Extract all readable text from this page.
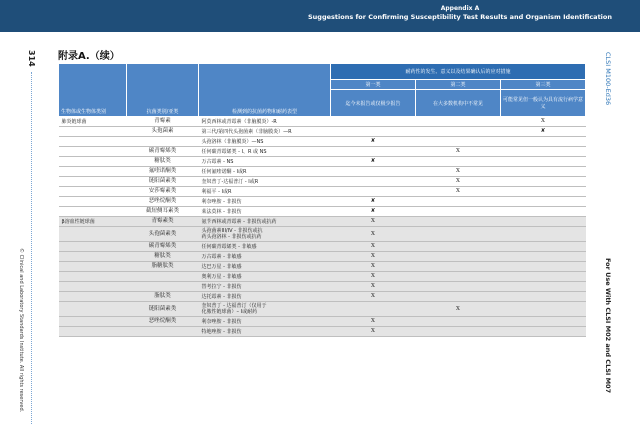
Appendix A
Suggestions for Confirming Susceptibility Test Results and Organism Identification
314
© Clinical and Laboratory Standards Institute. All rights reserved.
CLSI M100-Ed36
For Use With CLSI M02 and CLSI M07
附录A.（续）
生物体或生物体类别	抗菌类别/亚类	检测到的抗菌药物和耐药表型	耐药性的发生、意义以及结果确认后的应对措施		
			第一类	第二类	第三类
			迄今未报告或仅极少报告	在大多数机构中不常见	可能常见但一般认为具有流行病学意义
肺炎链球菌	青霉素	阿莫西林或青霉素（非脑膜炎）-R			X
	头孢菌素	第三代/第四代头孢菌素（非脑膜炎）—R			✘
		头孢洛林（非脑膜炎）—NS	✘		
	碳青霉烯类	任何碳青霉烯类 - I、R 或 NS		X	
	糖肽类	万古霉素 - NS	✘		
	氟喹诺酮类	任何氟喹诺酮 - I或R		X	
	链阳菌素类	奎奴普丁-达福普汀 - I或R		X	
	安莎霉素类	利福平 - I或R		X	
	恶唑烷酮类	利奈唑胺 - 非损伤	✘		
	截短侧耳素类	莱法莫林 - 非损伤	✘		
β溶血性链球菌	青霉素类	氨苄西林或青霉素 - 非损伤或抗药	X		
	头孢菌素类	头孢菌素III/IV - 非损伤或抗
药头孢洛林 - 非损伤或抗药	X		
	碳青霉烯类	任何碳青霉烯类 - 非敏感	X		
	糖肽类	万古霉素 - 非敏感	X		
	脂糖肽类	达巴万星 - 非敏感	X		
		奥利万星 - 非敏感	X		
		替考拉宁 - 非损伤	X		
	脂肽类	达托霉素 - 非损伤	X		
	链阳菌素类	奎奴普丁 - 达福普汀（仅用于
化脓性链球菌）– I或耐药		X	
	恶唑烷酮类	利奈唑胺 - 非损伤	X		
		特地唑胺 - 非损伤	X		
